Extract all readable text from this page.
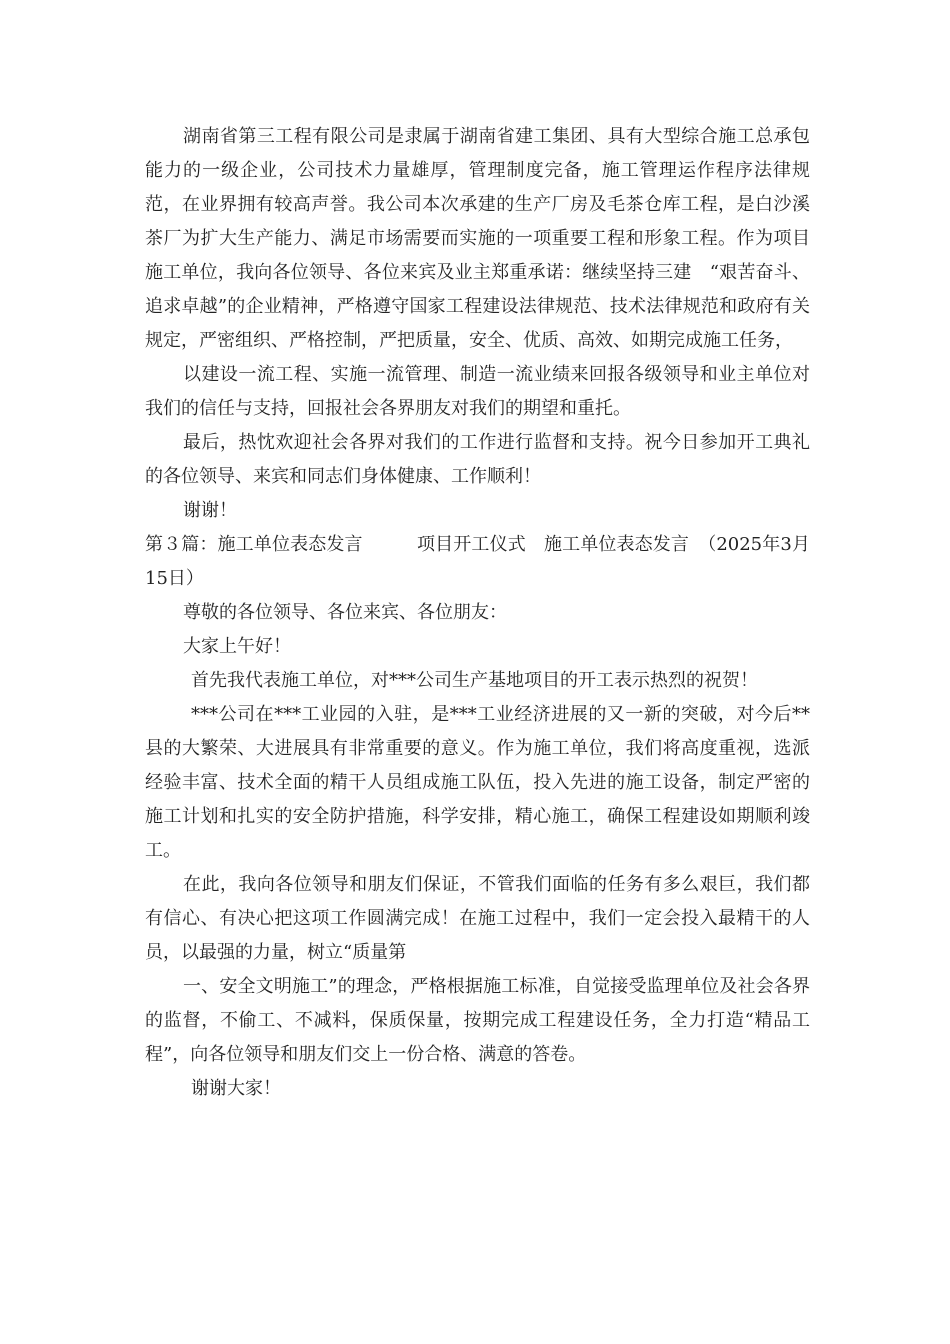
湖南省第三工程有限公司是隶属于湖南省建工集团、具有大型综合施工总承包能力的一级企业，公司技术力量雄厚，管理制度完备，施工管理运作程序法律规范，在业界拥有较高声誉。我公司本次承建的生产厂房及毛茶仓库工程，是白沙溪茶厂为扩大生产能力、满足市场需要而实施的一项重要工程和形象工程。作为项目施工单位，我向各位领导、各位来宾及业主郑重承诺：继续坚持三建　“艰苦奋斗、追求卓越”的企业精神，严格遵守国家工程建设法律规范、技术法律规范和政府有关规定，严密组织、严格控制，严把质量，安全、优质、高效、如期完成施工任务，

以建设一流工程、实施一流管理、制造一流业绩来回报各级领导和业主单位对我们的信任与支持，回报社会各界朋友对我们的期望和重托。

最后，热忱欢迎社会各界对我们的工作进行监督和支持。祝今日参加开工典礼的各位领导、来宾和同志们身体健康、工作顺利！

谢谢！

第３篇：施工单位表态发言　　　项目开工仪式　施工单位表态发言　（2025年3月15日）

尊敬的各位领导、各位来宾、各位朋友：

大家上午好！

首先我代表施工单位，对***公司生产基地项目的开工表示热烈的祝贺！

***公司在***工业园的入驻，是***工业经济进展的又一新的突破，对今后**县的大繁荣、大进展具有非常重要的意义。作为施工单位，我们将高度重视，选派经验丰富、技术全面的精干人员组成施工队伍，投入先进的施工设备，制定严密的施工计划和扎实的安全防护措施，科学安排，精心施工，确保工程建设如期顺利竣工。

在此，我向各位领导和朋友们保证，不管我们面临的任务有多么艰巨，我们都有信心、有决心把这项工作圆满完成！在施工过程中，我们一定会投入最精干的人员，以最强的力量，树立“质量第

一、安全文明施工”的理念，严格根据施工标准，自觉接受监理单位及社会各界的监督，不偷工、不减料，保质保量，按期完成工程建设任务，全力打造“精品工程”，向各位领导和朋友们交上一份合格、满意的答卷。

谢谢大家！
